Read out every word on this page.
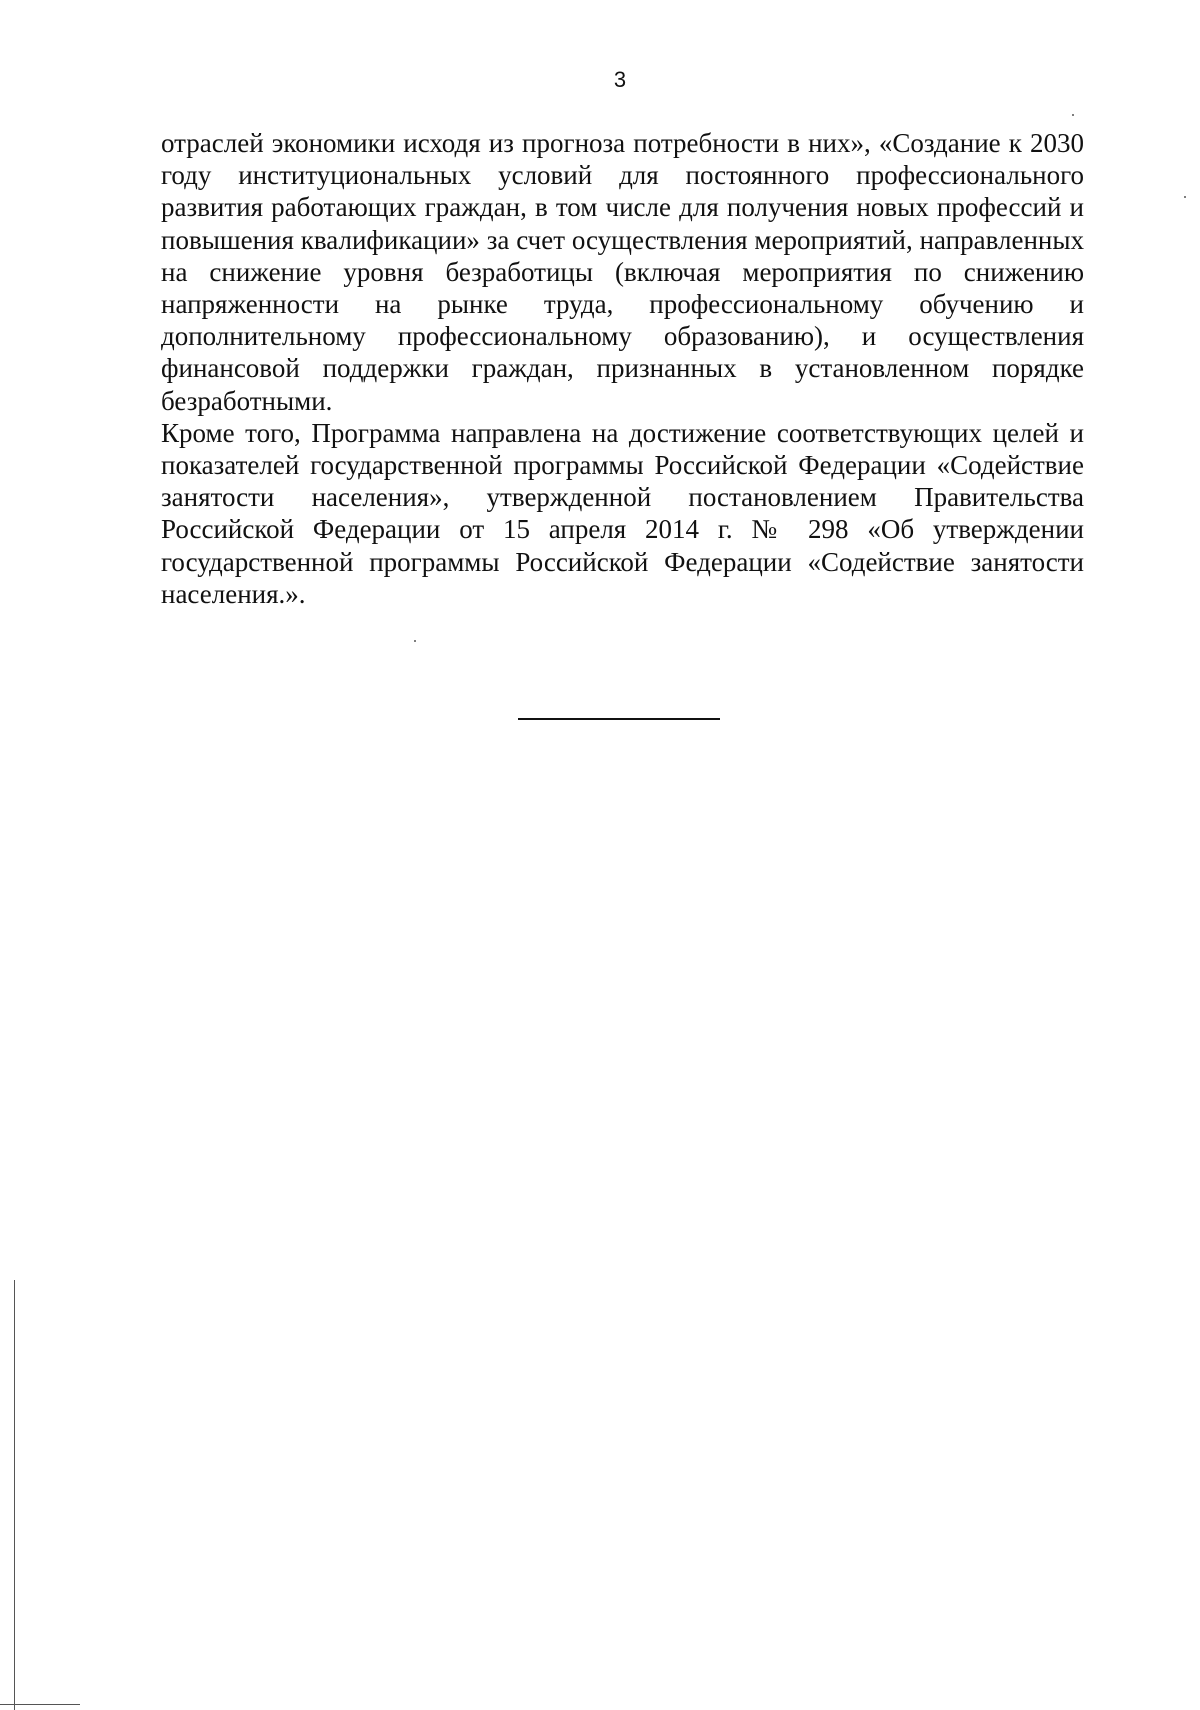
3

отраслей экономики исходя из прогноза потребности в них», «Создание к 2030 году институциональных условий для постоянного профессионального развития работающих граждан, в том числе для получения новых профессий и повышения квалификации» за счет осуществления мероприятий, направленных на снижение уровня безработицы (включая мероприятия по снижению напряженности на рынке труда, профессиональному обучению и дополнительному профессиональному образованию), и осуществления финансовой поддержки граждан, признанных в установленном порядке безработными.

Кроме того, Программа направлена на достижение соответствующих целей и показателей государственной программы Российской Федерации «Содействие занятости населения», утвержденной постановлением Правительства Российской Федерации от 15 апреля 2014 г. № 298 «Об утверждении государственной программы Российской Федерации «Содействие занятости населения.».
